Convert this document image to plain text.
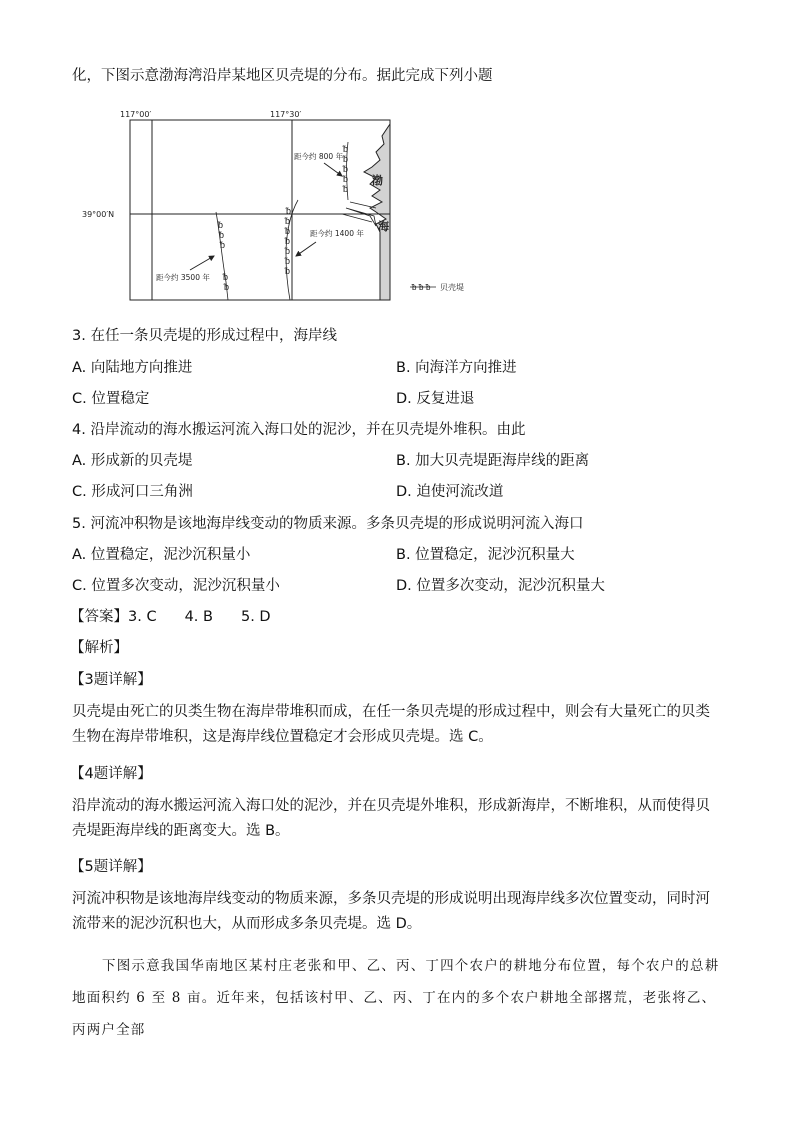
化，下图示意渤海湾沿岸某地区贝壳堤的分布。据此完成下列小题
117°00′	117°30′
39°00′N
ᵬ
ᵬ
ᵬ
ᵬ
ᵬ
ᵬ
ᵬ
ᵬ
ᵬ
ᵬ
ᵬ
ᵬ
ᵬ
ᵬ
ᵬ
ᵬ
ᵬ
距今约 800 年
距今约 1400 年
距今约 3500 年
渤
海
ᵬ ᵬ ᵬ 贝壳堤
3. 在任一条贝壳堤的形成过程中，海岸线
A. 向陆地方向推进	B. 向海洋方向推进
C. 位置稳定	D. 反复进退
4. 沿岸流动的海水搬运河流入海口处的泥沙，并在贝壳堤外堆积。由此
A. 形成新的贝壳堤	B. 加大贝壳堤距海岸线的距离
C. 形成河口三角洲	D. 迫使河流改道
5. 河流冲积物是该地海岸线变动的物质来源。多条贝壳堤的形成说明河流入海口
A. 位置稳定，泥沙沉积量小	B. 位置稳定，泥沙沉积量大
C. 位置多次变动，泥沙沉积量小	D. 位置多次变动，泥沙沉积量大
【答案】3. C 4. B 5. D
【解析】
【3题详解】
贝壳堤由死亡的贝类生物在海岸带堆积而成，在任一条贝壳堤的形成过程中，则会有大量死亡的贝类生物在海岸带堆积，这是海岸线位置稳定才会形成贝壳堤。选 C。
【4题详解】
沿岸流动的海水搬运河流入海口处的泥沙，并在贝壳堤外堆积，形成新海岸，不断堆积，从而使得贝壳堤距海岸线的距离变大。选 B。
【5题详解】
河流冲积物是该地海岸线变动的物质来源，多条贝壳堤的形成说明出现海岸线多次位置变动，同时河流带来的泥沙沉积也大，从而形成多条贝壳堤。选 D。
下图示意我国华南地区某村庄老张和甲、乙、丙、丁四个农户的耕地分布位置，每个农户的总耕地面积约 6 至 8 亩。近年来，包括该村甲、乙、丙、丁在内的多个农户耕地全部撂荒，老张将乙、丙两户全部
